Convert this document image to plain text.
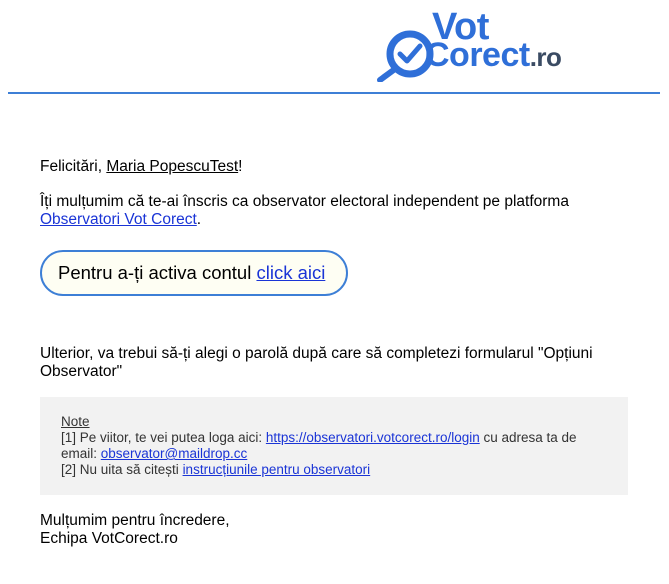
Vot
Corect.ro
Felicitări, Maria PopescuTest!
Îți mulțumim că te-ai înscris ca observator electoral independent pe platforma Observatori Vot Corect.
Pentru a-ți activa contul click aici
Ulterior, va trebui să-ți alegi o parolă după care să completezi formularul "Opțiuni Observator"
Note
[1] Pe viitor, te vei putea loga aici: https://observatori.votcorect.ro/login cu adresa ta de email: observator@maildrop.cc
[2] Nu uita să citești instrucțiunile pentru observatori
Mulțumim pentru încredere,
Echipa VotCorect.ro
